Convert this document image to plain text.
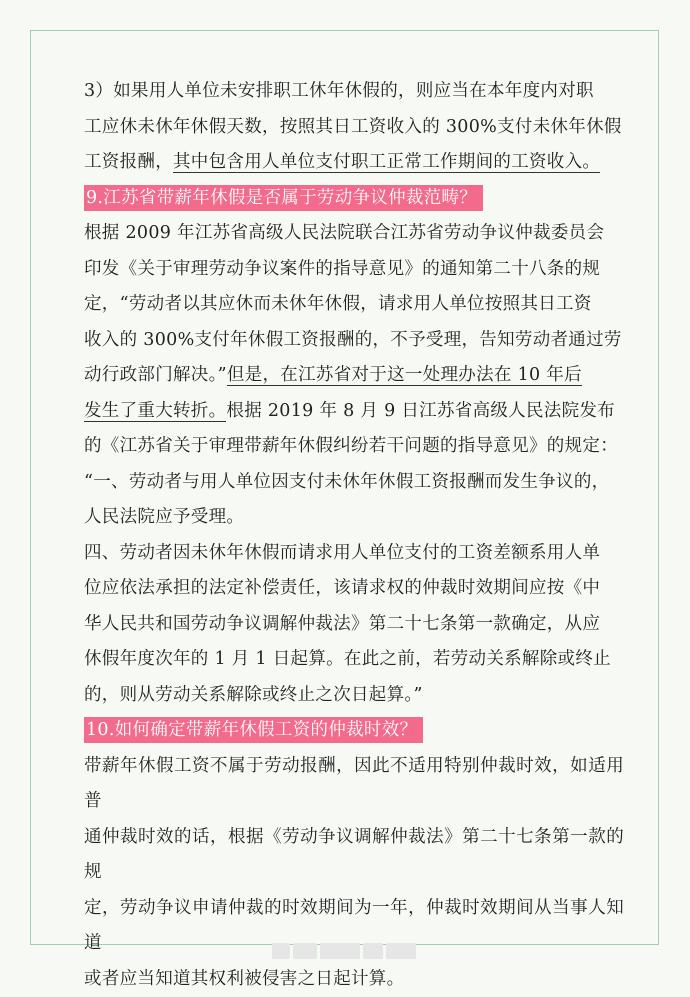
3）如果用人单位未安排职工休年休假的，则应当在本年度内对职

工应休未休年休假天数，按照其日工资收入的 300%支付未休年休假

工资报酬，其中包含用人单位支付职工正常工作期间的工资收入。

9.江苏省带薪年休假是否属于劳动争议仲裁范畴？

根据 2009 年江苏省高级人民法院联合江苏省劳动争议仲裁委员会

印发《关于审理劳动争议案件的指导意见》的通知第二十八条的规

定，“劳动者以其应休而未休年休假，请求用人单位按照其日工资

收入的 300%支付年休假工资报酬的，不予受理，告知劳动者通过劳

动行政部门解决。”但是，在江苏省对于这一处理办法在 10 年后

发生了重大转折。根据 2019 年 8 月 9 日江苏省高级人民法院发布

的《江苏省关于审理带薪年休假纠纷若干问题的指导意见》的规定：

“一、劳动者与用人单位因支付未休年休假工资报酬而发生争议的，

人民法院应予受理。

四、劳动者因未休年休假而请求用人单位支付的工资差额系用人单

位应依法承担的法定补偿责任，该请求权的仲裁时效期间应按《中

华人民共和国劳动争议调解仲裁法》第二十七条第一款确定，从应

休假年度次年的 1 月 1 日起算。在此之前，若劳动关系解除或终止

的，则从劳动关系解除或终止之次日起算。”

10.如何确定带薪年休假工资的仲裁时效？

带薪年休假工资不属于劳动报酬，因此不适用特别仲裁时效，如适用普

通仲裁时效的话，根据《劳动争议调解仲裁法》第二十七条第一款的规

定，劳动争议申请仲裁的时效期间为一年，仲裁时效期间从当事人知道

或者应当知道其权利被侵害之日起计算。
